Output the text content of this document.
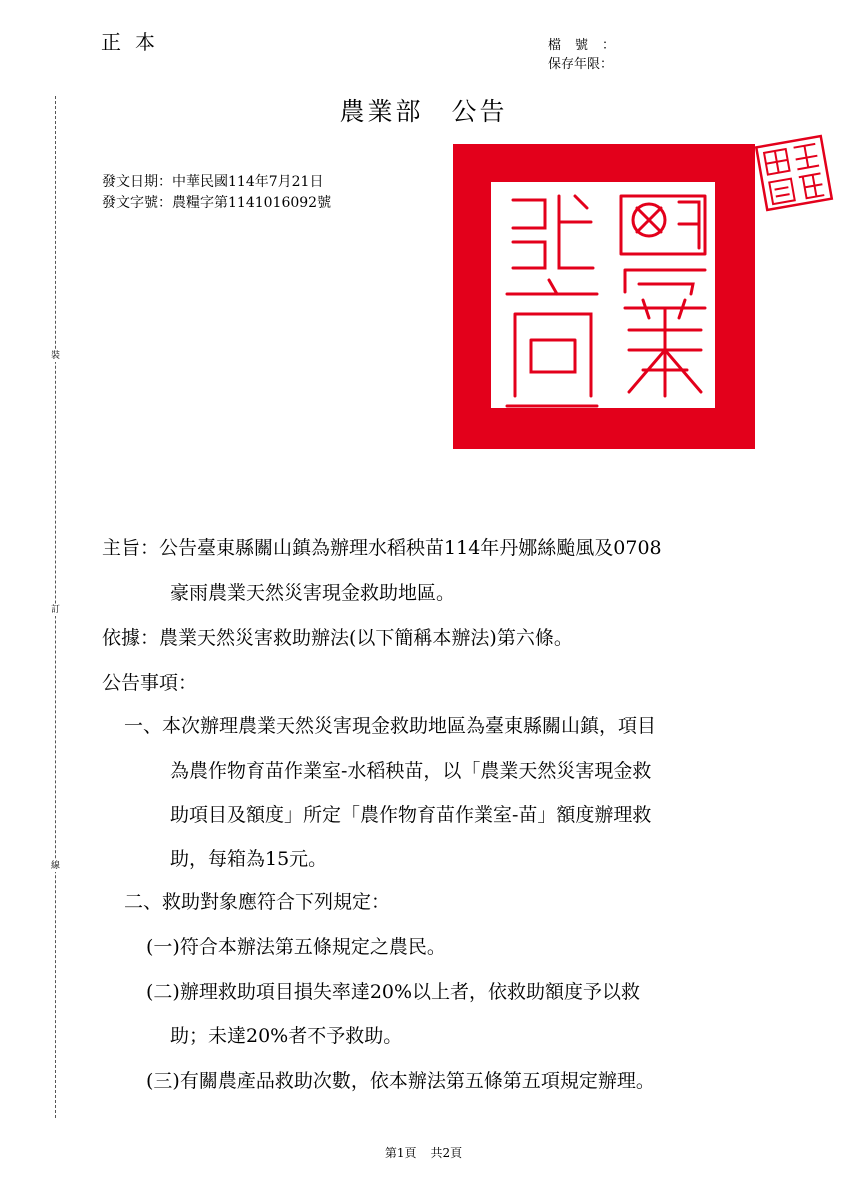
正本	檔號：
保存年限：
農業部　公告
發文日期：中華民國114年7月21日
發文字號：農糧字第1141016092號
裝
訂
線
主旨：公告臺東縣關山鎮為辦理水稻秧苗114年丹娜絲颱風及0708
豪雨農業天然災害現金救助地區。
依據：農業天然災害救助辦法(以下簡稱本辦法)第六條。
公告事項：
一、本次辦理農業天然災害現金救助地區為臺東縣關山鎮，項目
為農作物育苗作業室-水稻秧苗，以「農業天然災害現金救
助項目及額度」所定「農作物育苗作業室-苗」額度辦理救
助，每箱為15元。
二、救助對象應符合下列規定：
(一)符合本辦法第五條規定之農民。
(二)辦理救助項目損失率達20%以上者，依救助額度予以救
助；未達20%者不予救助。
(三)有關農產品救助次數，依本辦法第五條第五項規定辦理。
第1頁 共2頁
